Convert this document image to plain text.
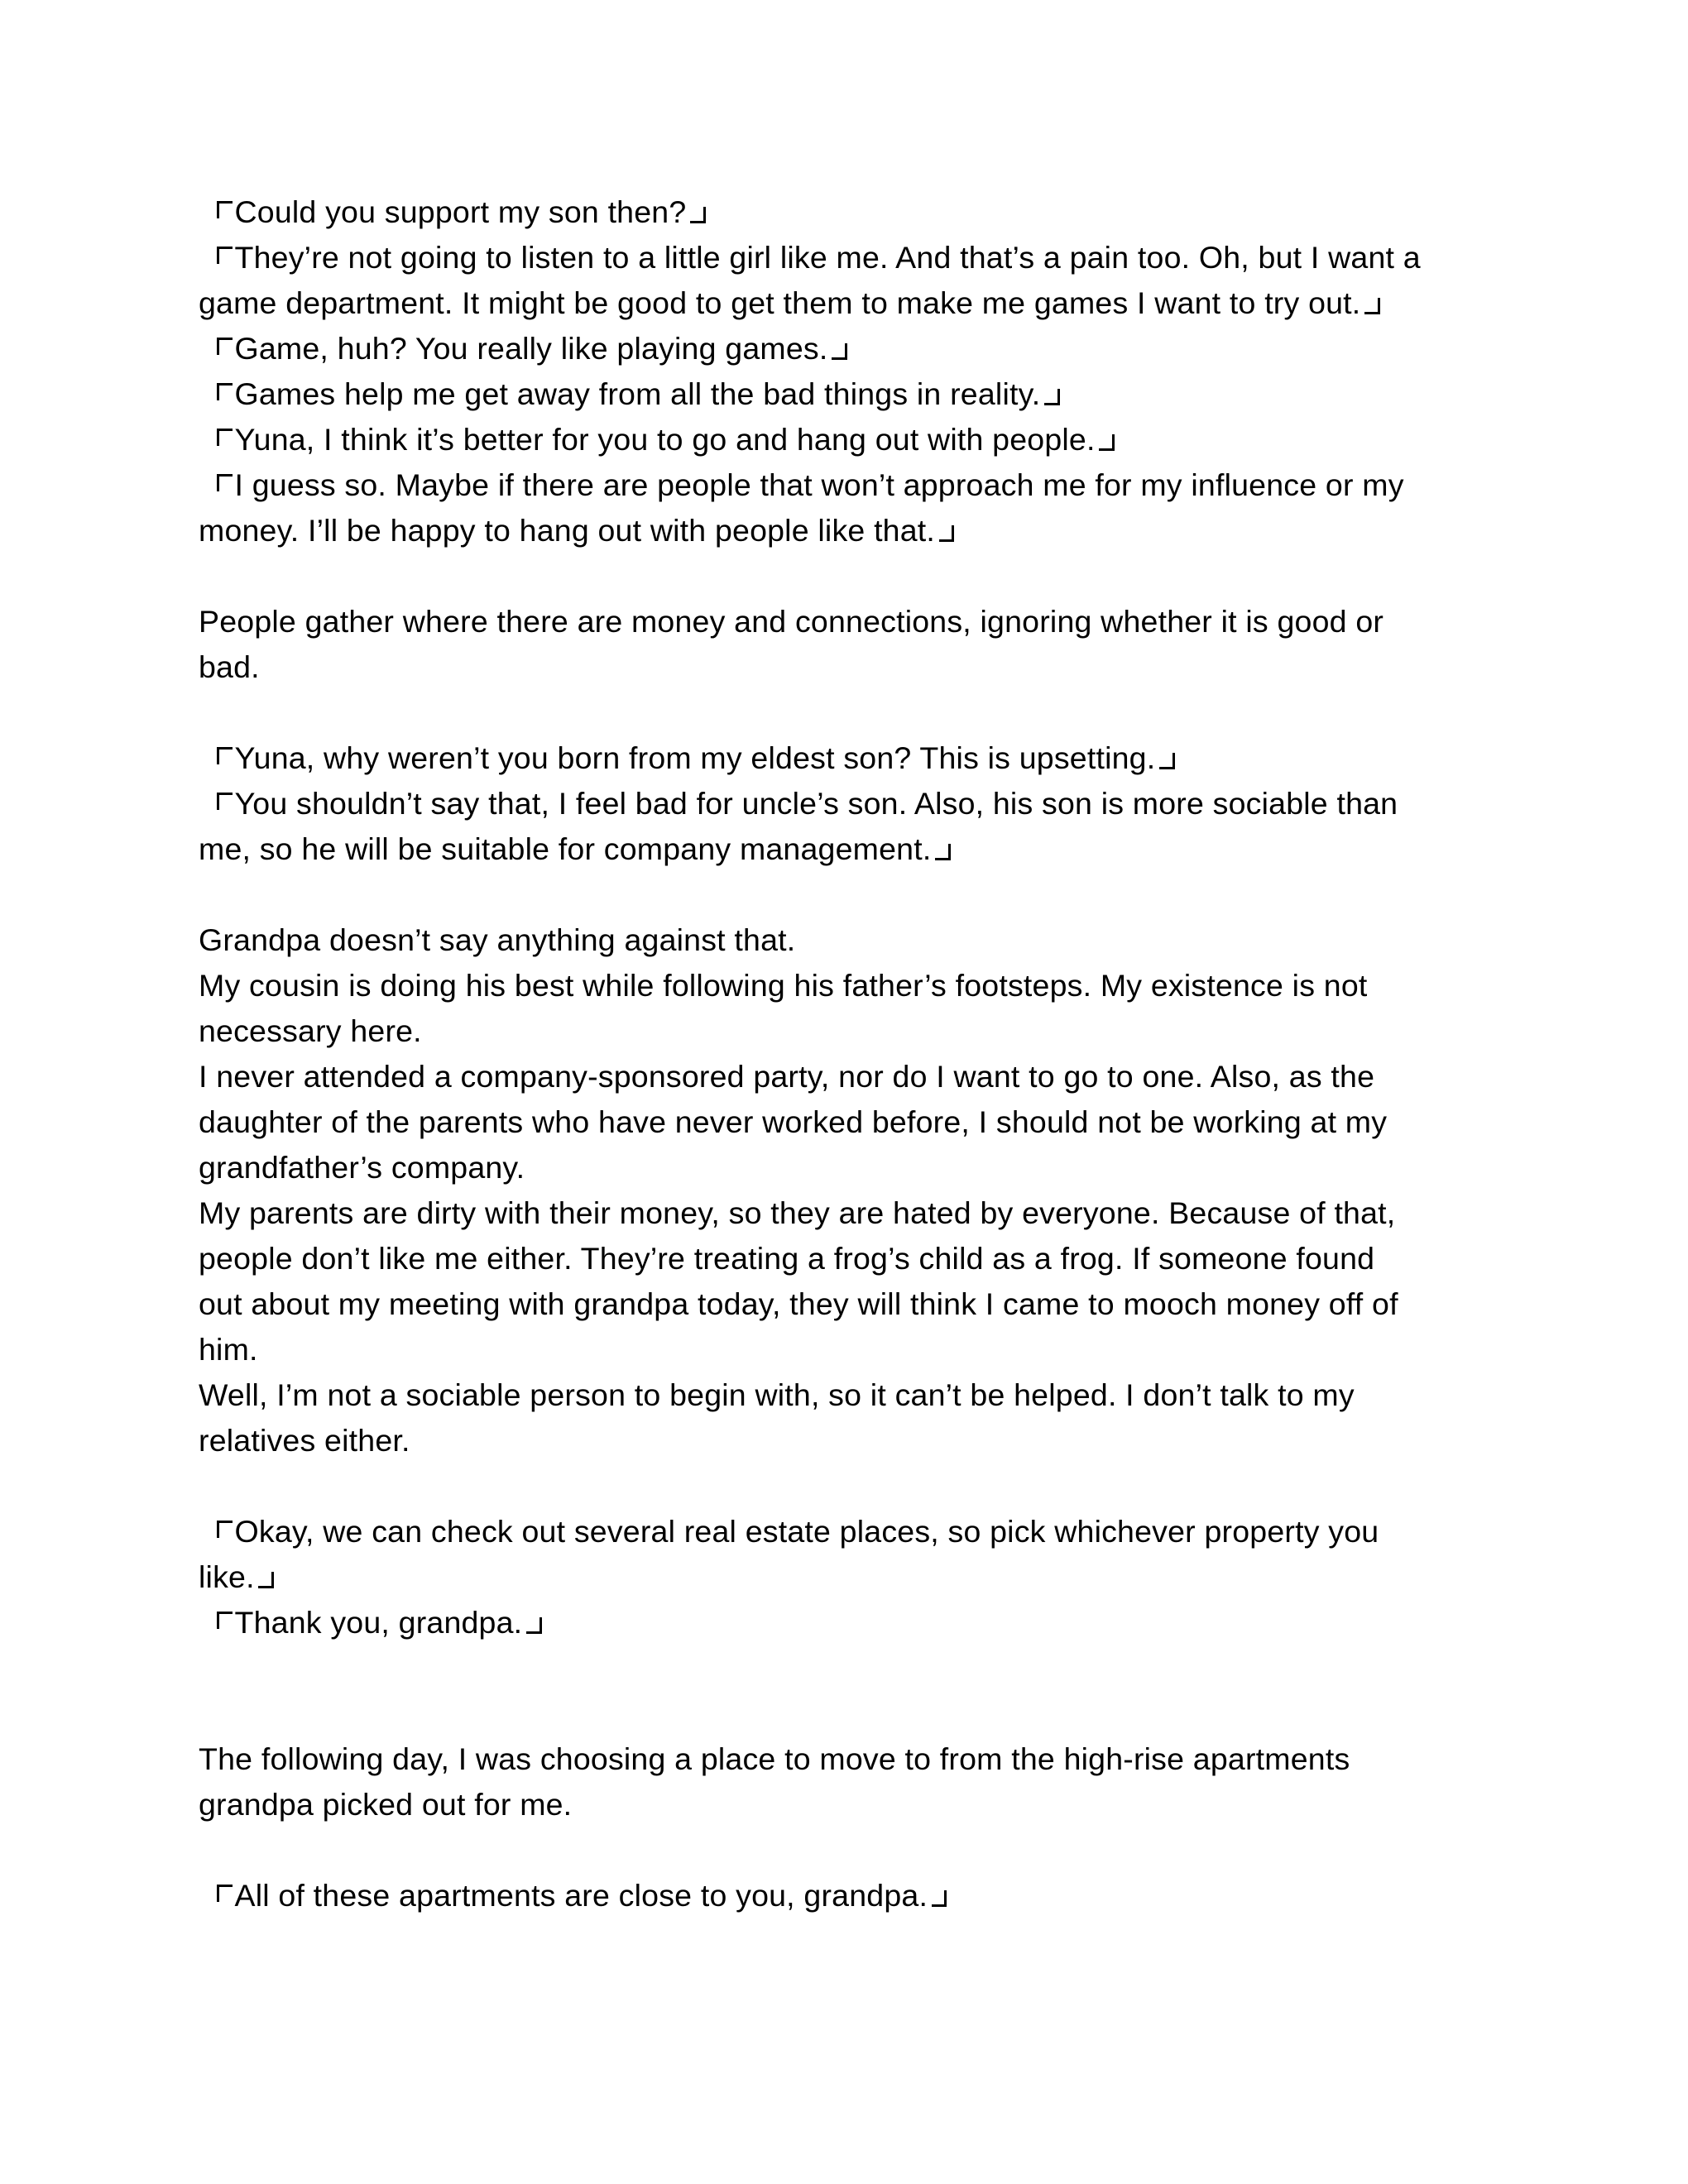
Could you support my son then?
They’re not going to listen to a little girl like me. And that’s a pain too. Oh, but I want a
game department. It might be good to get them to make me games I want to try out.
Game, huh? You really like playing games.
Games help me get away from all the bad things in reality.
Yuna, I think it’s better for you to go and hang out with people.
I guess so. Maybe if there are people that won’t approach me for my influence or my
money. I’ll be happy to hang out with people like that.

People gather where there are money and connections, ignoring whether it is good or
bad.

Yuna, why weren’t you born from my eldest son? This is upsetting.
You shouldn’t say that, I feel bad for uncle’s son. Also, his son is more sociable than
me, so he will be suitable for company management.

Grandpa doesn’t say anything against that.
My cousin is doing his best while following his father’s footsteps. My existence is not
necessary here.
I never attended a company-sponsored party, nor do I want to go to one. Also, as the
daughter of the parents who have never worked before, I should not be working at my
grandfather’s company.
My parents are dirty with their money, so they are hated by everyone. Because of that,
people don’t like me either. They’re treating a frog’s child as a frog. If someone found
out about my meeting with grandpa today, they will think I came to mooch money off of
him.
Well, I’m not a sociable person to begin with, so it can’t be helped. I don’t talk to my
relatives either.

Okay, we can check out several real estate places, so pick whichever property you
like.
Thank you, grandpa.

The following day, I was choosing a place to move to from the high-rise apartments
grandpa picked out for me.

All of these apartments are close to you, grandpa.
